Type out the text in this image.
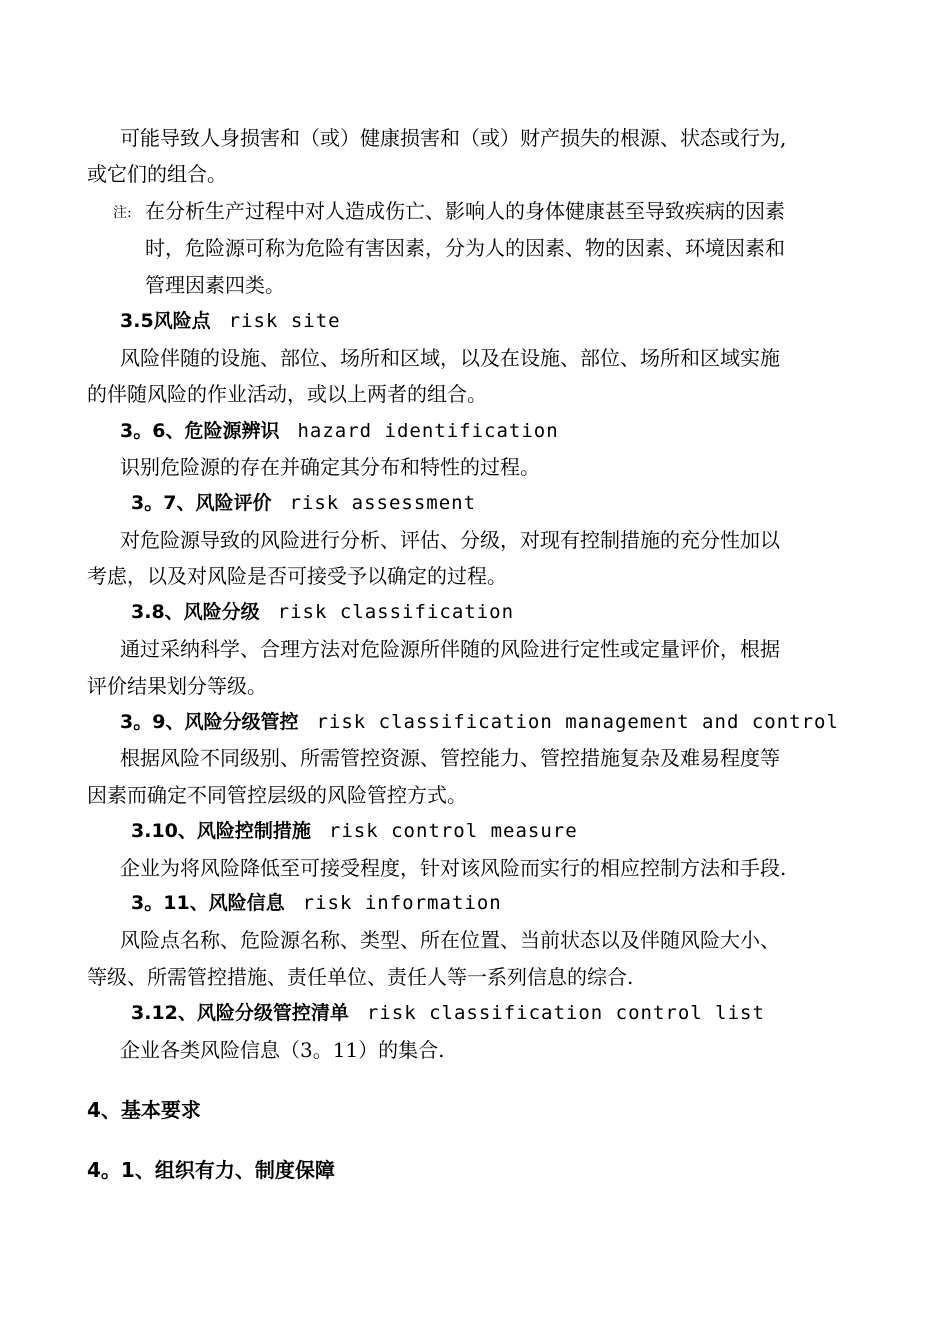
可能导致人身损害和（或）健康损害和（或）财产损失的根源、状态或行为,
或它们的组合。
注: 在分析生产过程中对人造成伤亡、影响人的身体健康甚至导致疾病的因素
时，危险源可称为危险有害因素，分为人的因素、物的因素、环境因素和
管理因素四类。
3.5风险点 risk site
风险伴随的设施、部位、场所和区域，以及在设施、部位、场所和区域实施
的伴随风险的作业活动，或以上两者的组合。
3。6、危险源辨识 hazard identification
识别危险源的存在并确定其分布和特性的过程。
3。7、风险评价 risk assessment
对危险源导致的风险进行分析、评估、分级，对现有控制措施的充分性加以
考虑，以及对风险是否可接受予以确定的过程。
3.8、风险分级 risk classification
通过采纳科学、合理方法对危险源所伴随的风险进行定性或定量评价，根据
评价结果划分等级。
3。9、风险分级管控 risk classification management and control
根据风险不同级别、所需管控资源、管控能力、管控措施复杂及难易程度等
因素而确定不同管控层级的风险管控方式。
3.10、风险控制措施 risk control measure
企业为将风险降低至可接受程度，针对该风险而实行的相应控制方法和手段.
3。11、风险信息 risk information
风险点名称、危险源名称、类型、所在位置、当前状态以及伴随风险大小、
等级、所需管控措施、责任单位、责任人等一系列信息的综合.
3.12、风险分级管控清单 risk classification control list
企业各类风险信息（3。11）的集合.
4、基本要求
4。1、组织有力、制度保障
